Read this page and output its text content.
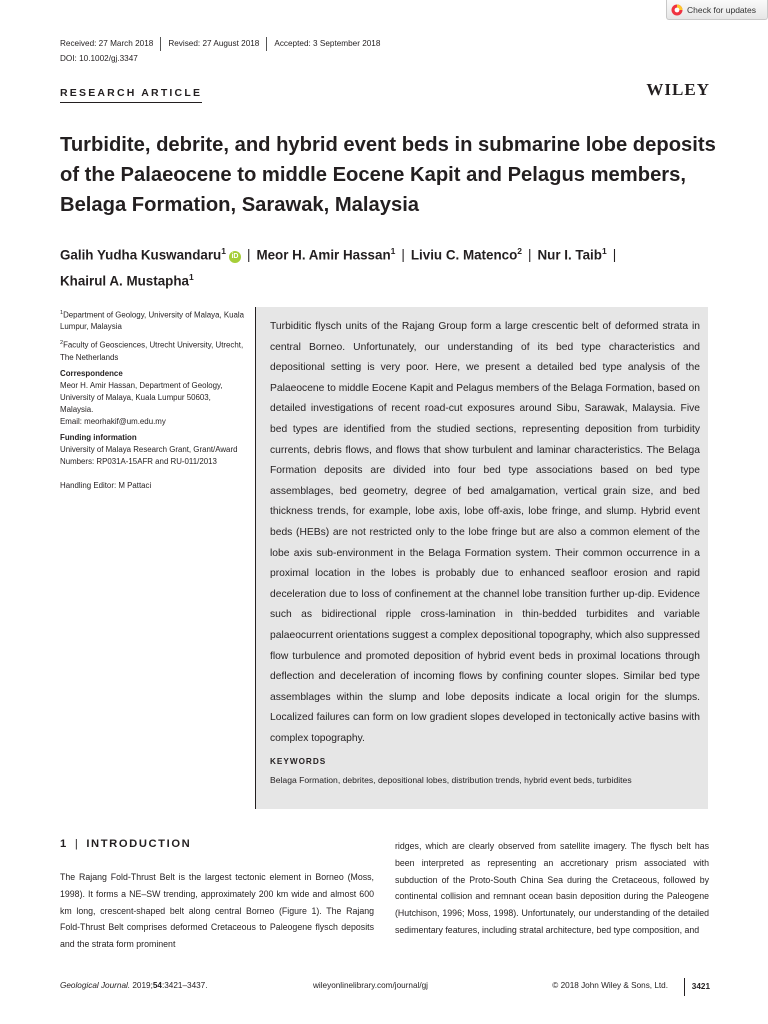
Check for updates
Received: 27 March 2018	Revised: 27 August 2018	Accepted: 3 September 2018
DOI: 10.1002/gj.3347
RESEARCH ARTICLE	WILEY
Turbidite, debrite, and hybrid event beds in submarine lobe deposits of the Palaeocene to middle Eocene Kapit and Pelagus members, Belaga Formation, Sarawak, Malaysia
Galih Yudha Kuswandaru$^1$iD | Meor H. Amir Hassan$^1$ | Liviu C. Matenco$^2$ | Nur I. Taib$^1$ |
Khairul A. Mustapha$^1$

$^1$Department of Geology, University of Malaya, Kuala Lumpur, Malaysia

$^2$Faculty of Geosciences, Utrecht University, Utrecht, The Netherlands

Correspondence

Meor H. Amir Hassan, Department of Geology, University of Malaya, Kuala Lumpur 50603, Malaysia.

Email: meorhakif@um.edu.my

Funding information

University of Malaya Research Grant, Grant/Award Numbers: RP031A-15AFR and RU-011/2013

Handling Editor: M Pattaci

Turbiditic flysch units of the Rajang Group form a large crescentic belt of deformed strata in central Borneo. Unfortunately, our understanding of its bed type characteristics and depositional setting is very poor. Here, we present a detailed bed type analysis of the Palaeocene to middle Eocene Kapit and Pelagus members of the Belaga Formation, based on detailed investigations of recent road-cut exposures around Sibu, Sarawak, Malaysia. Five bed types are identified from the studied sections, representing deposition from turbidity currents, debris flows, and flows that show turbulent and laminar characteristics. The Belaga Formation deposits are divided into four bed type associations based on bed type assemblages, bed geometry, degree of bed amalgamation, vertical grain size, and bed thickness trends, for example, lobe axis, lobe off-axis, lobe fringe, and slump. Hybrid event beds (HEBs) are not restricted only to the lobe fringe but are also a common element of the lobe axis sub-environment in the Belaga Formation system. Their common occurrence in a proximal location in the lobes is probably due to enhanced seafloor erosion and rapid deceleration due to loss of confinement at the channel lobe transition further up-dip. Evidence such as bidirectional ripple cross-lamination in thin-bedded turbidites and variable palaeocurrent orientations suggest a complex depositional topography, which also suppressed flow turbulence and promoted deposition of hybrid event beds in proximal locations through deflection and deceleration of incoming flows by confining counter slopes. Similar bed type assemblages within the slump and lobe deposits indicate a local origin for the slumps. Localized failures can form on low gradient slopes developed in tectonically active basins with complex topography.

KEYWORDS
Belaga Formation, debrites, depositional lobes, distribution trends, hybrid event beds, turbidites
1 | INTRODUCTION

The Rajang Fold-Thrust Belt is the largest tectonic element in Borneo (Moss, 1998). It forms a NE–SW trending, approximately 200 km wide and almost 600 km long, crescent-shaped belt along central Borneo (Figure 1). The Rajang Fold-Thrust Belt comprises deformed Cretaceous to Paleogene flysch deposits and the strata form prominent

ridges, which are clearly observed from satellite imagery. The flysch belt has been interpreted as representing an accretionary prism associated with subduction of the Proto-South China Sea during the Cretaceous, followed by continental collision and remnant ocean basin deposition during the Paleogene (Hutchison, 1996; Moss, 1998). Unfortunately, our understanding of the detailed sedimentary features, including stratal architecture, bed type composition, and

Geological Journal. 2019;54:3421–3437.	wileyonlinelibrary.com/journal/gj	© 2018 John Wiley & Sons, Ltd.	3421
